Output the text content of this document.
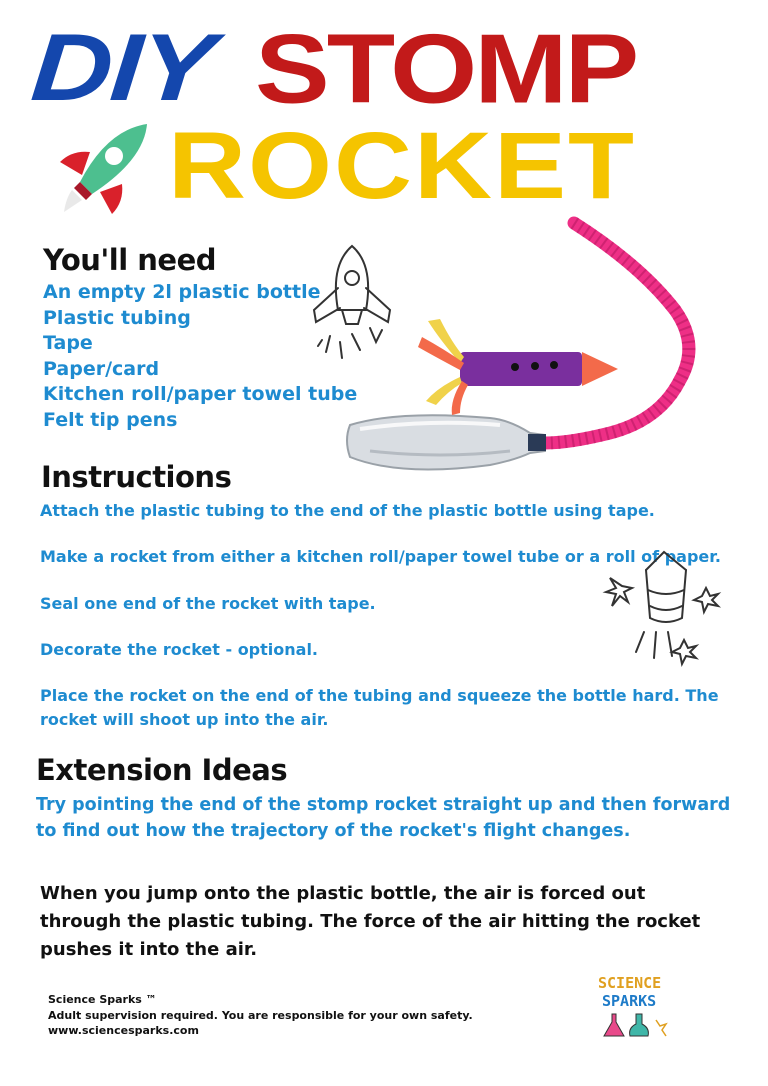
DIY STOMP
ROCKET
You'll need
An empty 2l plastic bottle
Plastic tubing
Tape
Paper/card
Kitchen roll/paper towel tube
Felt tip pens
Instructions
Attach the plastic tubing to the end of the plastic bottle using tape.
Make a rocket from either a kitchen roll/paper towel tube or a roll of paper.
Seal one end of the rocket with tape.
Decorate the rocket - optional.
Place the rocket on the end of the tubing and squeeze the bottle hard. The rocket will shoot up into the air.
Extension Ideas
Try pointing the end of the stomp rocket straight up and then forward to find out how the trajectory of the rocket's flight changes.
When you jump onto the plastic bottle, the air is forced out through the plastic tubing. The force of the air hitting the rocket pushes it into the air.
Science Sparks ™
Adult supervision required. You are responsible for your own safety.
www.sciencesparks.com
SCIENCE
SPARKS
